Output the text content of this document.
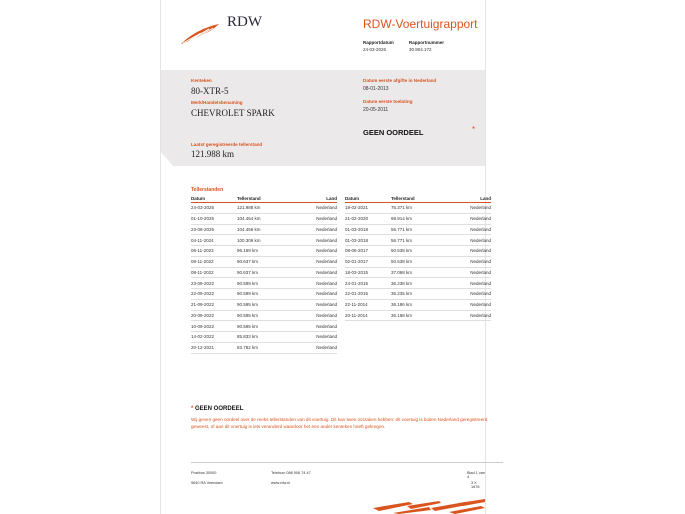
RDW	RDW-Voertuigrapport
Rapportdatum
24-03-2026
Rapportnummer
30.904.172
Kenteken
80-XTR-5
Merk/Handelsbenaming
CHEVROLET SPARK
Laatst geregistreerde tellerstand
121.988 km
Datum eerste afgifte in Nederland
08-01-2013
Datum eerste toelating
20-05-2011
GEEN OORDEEL	*
Tellerstanden
Datum	Tellerstand	Land
24-03-2026	121.988 km	Nederland
01-10-2025	104.464 km	Nederland
23-08-2025	104.456 km	Nederland
04-11-2024	100.306 km	Nederland
06-11-2023	96.169 km	Nederland
08-11-2022	90.637 km	Nederland
08-11-2022	90.637 km	Nederland
23-09-2022	90.599 km	Nederland
22-09-2022	90.599 km	Nederland
21-09-2022	90.595 km	Nederland
20-09-2022	90.595 km	Nederland
10-09-2022	90.595 km	Nederland
14-02-2022	85.833 km	Nederland
20-12-2021	83.782 km	Nederland
Datum	Tellerstand	Land
19-02-2021	75.371 km	Nederland
21-02-2020	68.914 km	Nederland
01-03-2018	56.771 km	Nederland
01-03-2018	56.771 km	Nederland
08-06-2017	50.538 km	Nederland
02-01-2017	50.538 km	Nederland
18-03-2015	37.068 km	Nederland
24-01-2015	36.238 km	Nederland
22-01-2015	36.235 km	Nederland
22-11-2014	36.186 km	Nederland
20-11-2014	36.168 km	Nederland
* GEEN OORDEEL
Wij geven geen oordeel over de reeks tellerstanden van dit voertuig. Dit kan twee oorzaken hebben: dit voertuig is buiten Nederland geregistreerd geweest, of aan dit voertuig is iets veranderd waardoor het een ander kenteken heeft gekregen.
Postbus 30000
9640 RA Veendam
Telefoon 088 906 74 47
www.rdw.nl
Blad 1 van 4
3 X 1678
